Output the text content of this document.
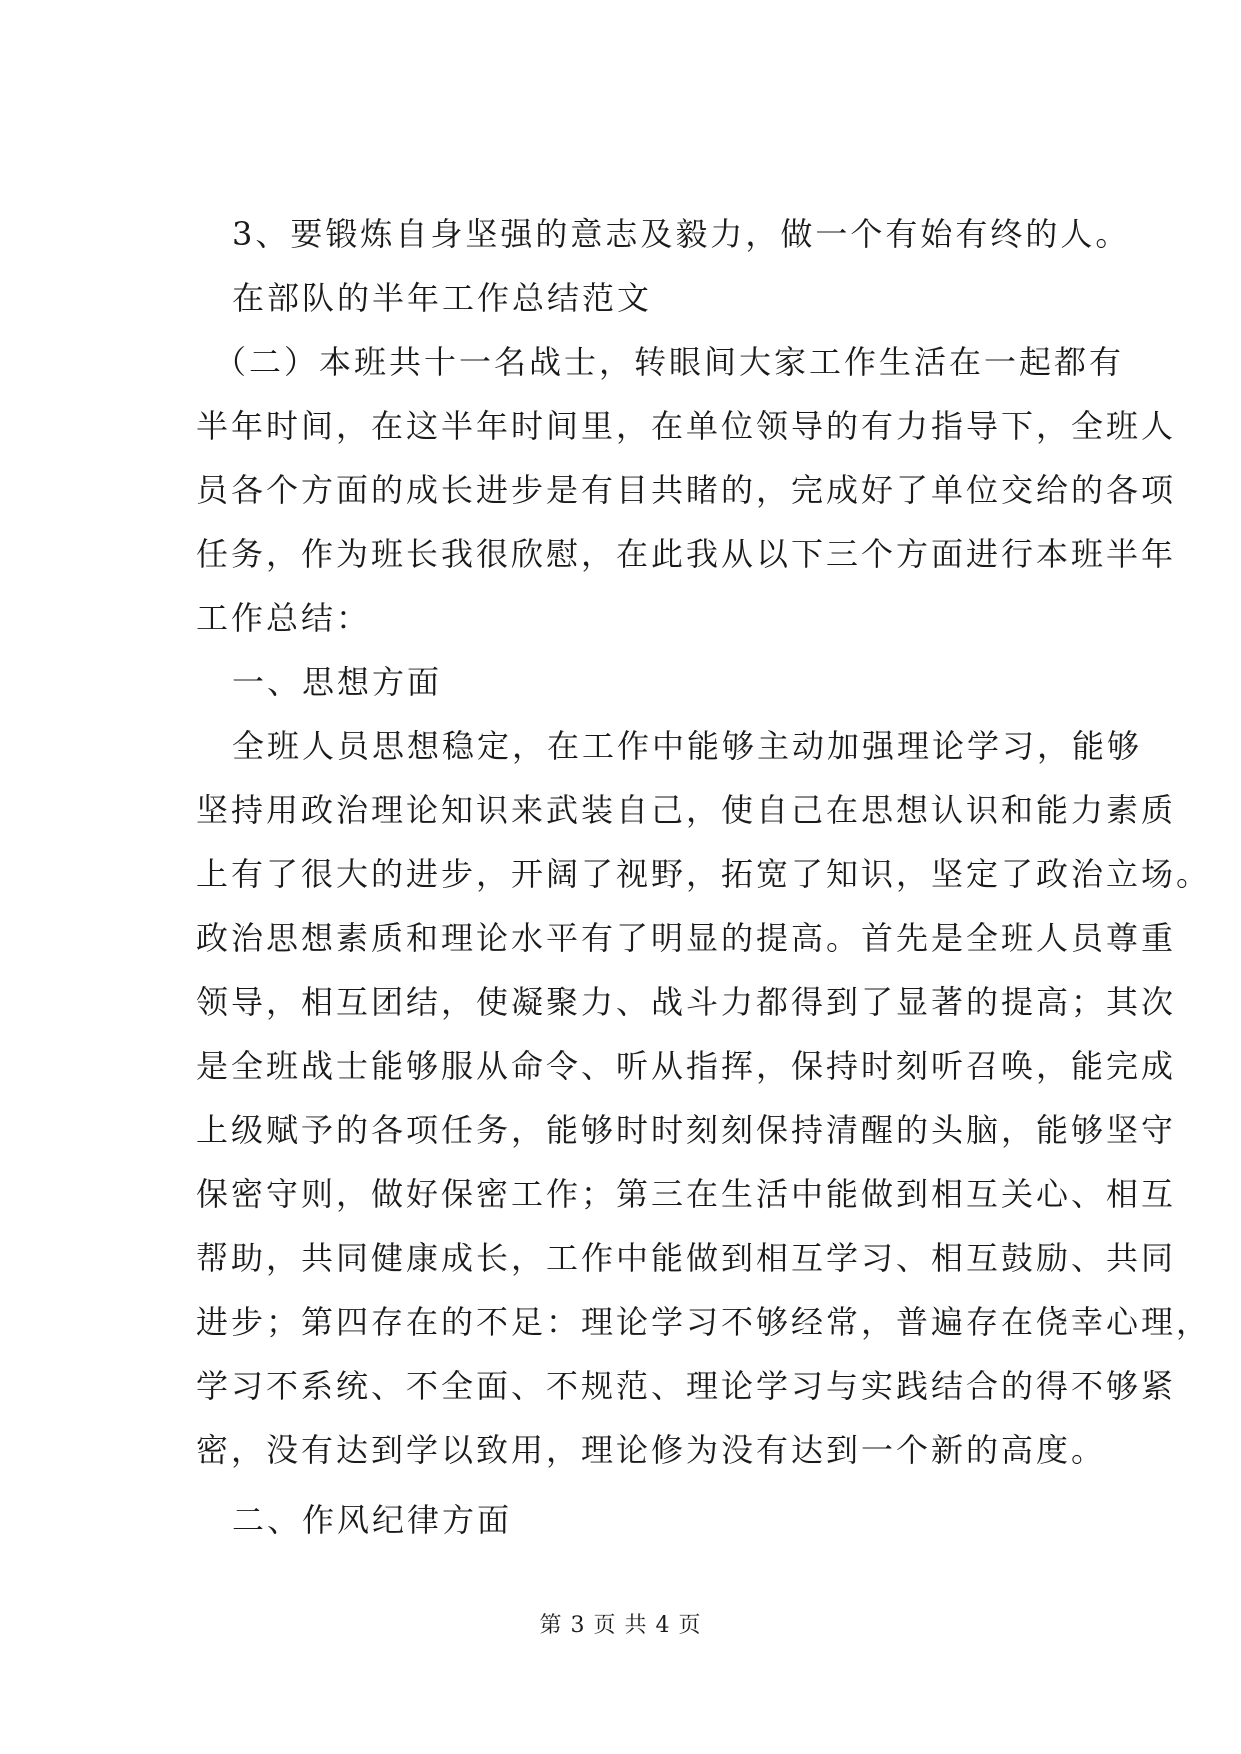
3、要锻炼自身坚强的意志及毅力，做一个有始有终的人。
在部队的半年工作总结范文
（二）本班共十一名战士，转眼间大家工作生活在一起都有
半年时间，在这半年时间里，在单位领导的有力指导下，全班人
员各个方面的成长进步是有目共睹的，完成好了单位交给的各项
任务，作为班长我很欣慰，在此我从以下三个方面进行本班半年
工作总结：
一、思想方面
全班人员思想稳定，在工作中能够主动加强理论学习，能够
坚持用政治理论知识来武装自己，使自己在思想认识和能力素质
上有了很大的进步，开阔了视野，拓宽了知识，坚定了政治立场。
政治思想素质和理论水平有了明显的提高。首先是全班人员尊重
领导，相互团结，使凝聚力、战斗力都得到了显著的提高；其次
是全班战士能够服从命令、听从指挥，保持时刻听召唤，能完成
上级赋予的各项任务，能够时时刻刻保持清醒的头脑，能够坚守
保密守则，做好保密工作；第三在生活中能做到相互关心、相互
帮助，共同健康成长，工作中能做到相互学习、相互鼓励、共同
进步；第四存在的不足：理论学习不够经常，普遍存在侥幸心理，
学习不系统、不全面、不规范、理论学习与实践结合的得不够紧
密，没有达到学以致用，理论修为没有达到一个新的高度。
二、作风纪律方面
第 3 页 共 4 页
